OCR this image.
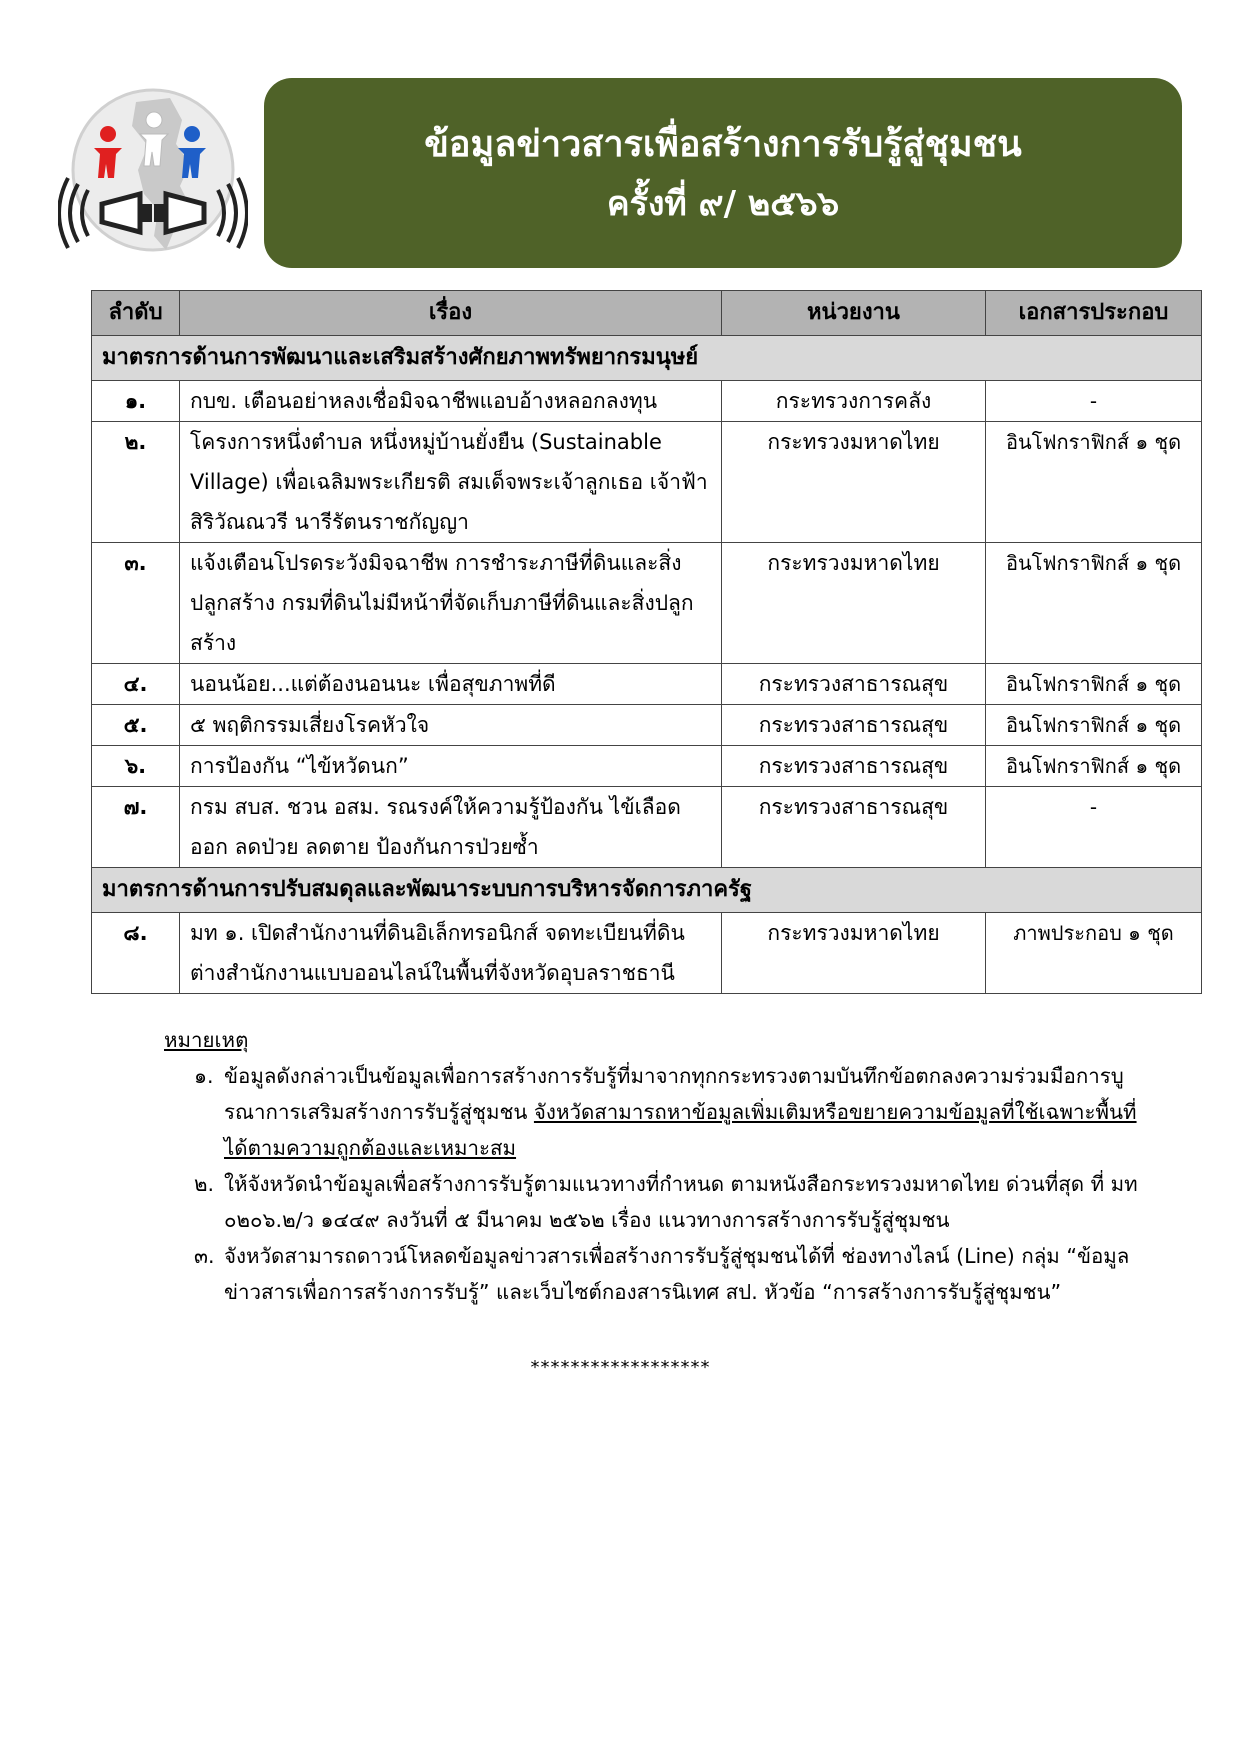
ข้อมูลข่าวสารเพื่อสร้างการรับรู้สู่ชุมชน
ครั้งที่ ๙/ ๒๕๖๖
ลำดับ	เรื่อง	หน่วยงาน	เอกสารประกอบ
มาตรการด้านการพัฒนาและเสริมสร้างศักยภาพทรัพยากรมนุษย์			
๑.	กบข. เตือนอย่าหลงเชื่อมิจฉาชีพแอบอ้างหลอกลงทุน	กระทรวงการคลัง	-
๒.	โครงการหนึ่งตำบล หนึ่งหมู่บ้านยั่งยืน (Sustainable Village) เพื่อเฉลิมพระเกียรติ สมเด็จพระเจ้าลูกเธอ เจ้าฟ้าสิริวัณณวรี นารีรัตนราชกัญญา	กระทรวงมหาดไทย	อินโฟกราฟิกส์ ๑ ชุด
๓.	แจ้งเตือนโปรดระวังมิจฉาชีพ การชำระภาษีที่ดินและสิ่งปลูกสร้าง กรมที่ดินไม่มีหน้าที่จัดเก็บภาษีที่ดินและสิ่งปลูกสร้าง	กระทรวงมหาดไทย	อินโฟกราฟิกส์ ๑ ชุด
๔.	นอนน้อย...แต่ต้องนอนนะ เพื่อสุขภาพที่ดี	กระทรวงสาธารณสุข	อินโฟกราฟิกส์ ๑ ชุด
๕.	๕ พฤติกรรมเสี่ยงโรคหัวใจ	กระทรวงสาธารณสุข	อินโฟกราฟิกส์ ๑ ชุด
๖.	การป้องกัน “ไข้หวัดนก”	กระทรวงสาธารณสุข	อินโฟกราฟิกส์ ๑ ชุด
๗.	กรม สบส. ชวน อสม. รณรงค์ให้ความรู้ป้องกัน ไข้เลือดออก ลดป่วย ลดตาย ป้องกันการป่วยซ้ำ	กระทรวงสาธารณสุข	-
มาตรการด้านการปรับสมดุลและพัฒนาระบบการบริหารจัดการภาครัฐ			
๘.	มท ๑. เปิดสำนักงานที่ดินอิเล็กทรอนิกส์ จดทะเบียนที่ดินต่างสำนักงานแบบออนไลน์ในพื้นที่จังหวัดอุบลราชธานี	กระทรวงมหาดไทย	ภาพประกอบ ๑ ชุด
หมายเหตุ
๑. ข้อมูลดังกล่าวเป็นข้อมูลเพื่อการสร้างการรับรู้ที่มาจากทุกกระทรวงตามบันทึกข้อตกลงความร่วมมือการบูรณาการเสริมสร้างการรับรู้สู่ชุมชน จังหวัดสามารถหาข้อมูลเพิ่มเติมหรือขยายความข้อมูลที่ใช้เฉพาะพื้นที่ได้ตามความถูกต้องและเหมาะสม
๒. ให้จังหวัดนำข้อมูลเพื่อสร้างการรับรู้ตามแนวทางที่กำหนด ตามหนังสือกระทรวงมหาดไทย ด่วนที่สุด ที่ มท ๐๒๐๖.๒/ว ๑๔๔๙ ลงวันที่ ๕ มีนาคม ๒๕๖๒ เรื่อง แนวทางการสร้างการรับรู้สู่ชุมชน
๓. จังหวัดสามารถดาวน์โหลดข้อมูลข่าวสารเพื่อสร้างการรับรู้สู่ชุมชนได้ที่ ช่องทางไลน์ (Line) กลุ่ม “ข้อมูลข่าวสารเพื่อการสร้างการรับรู้” และเว็บไซต์กองสารนิเทศ สป. หัวข้อ “การสร้างการรับรู้สู่ชุมชน”
******************
